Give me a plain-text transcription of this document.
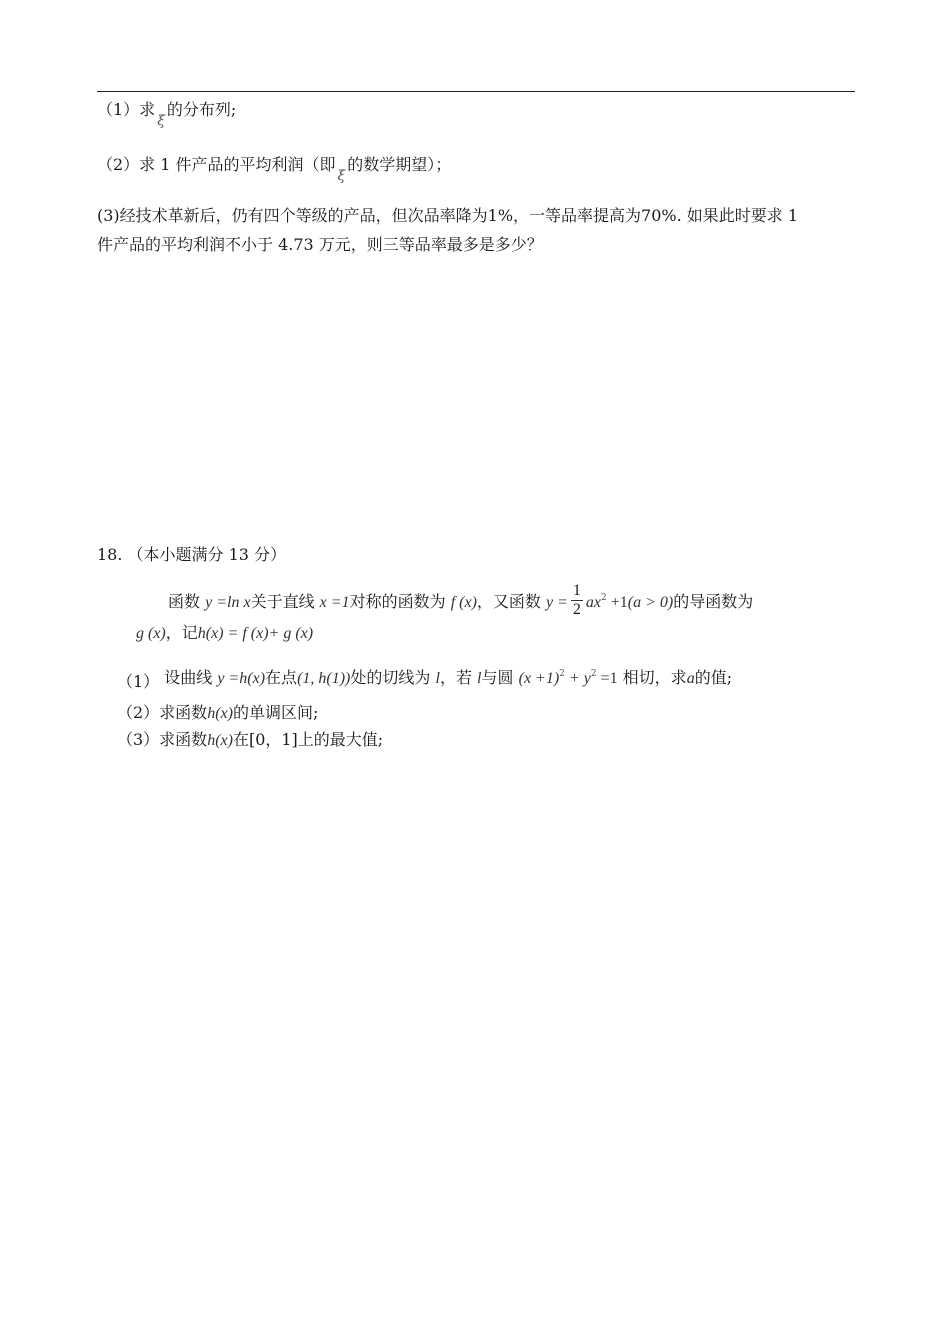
（1）求ξ的分布列;
（2）求 1 件产品的平均利润（即ξ的数学期望）；
(3)经技术革新后，仍有四个等级的产品，但次品率降为1%，一等品率提高为70%. 如果此时要求 1
件产品的平均利润不小于 4.73 万元，则三等品率最多是多少？
18. （本小题满分 13 分）
函数 y =ln x关于直线 x =1对称的函数为 f (x)，又函数 $y = \frac{1}{2} ax^2 +1(a > 0)$的导函数为
g (x)，记h(x) = f (x)+ g (x)
（1） 设曲线 y =h(x)在点(1, h(1))处的切线为 l，若 l与圆 $(x +1)^2 + y^2 =1$ 相切，求a的值;
（2）求函数h(x)的单调区间;
（3）求函数h(x)在[0，1]上的最大值;
